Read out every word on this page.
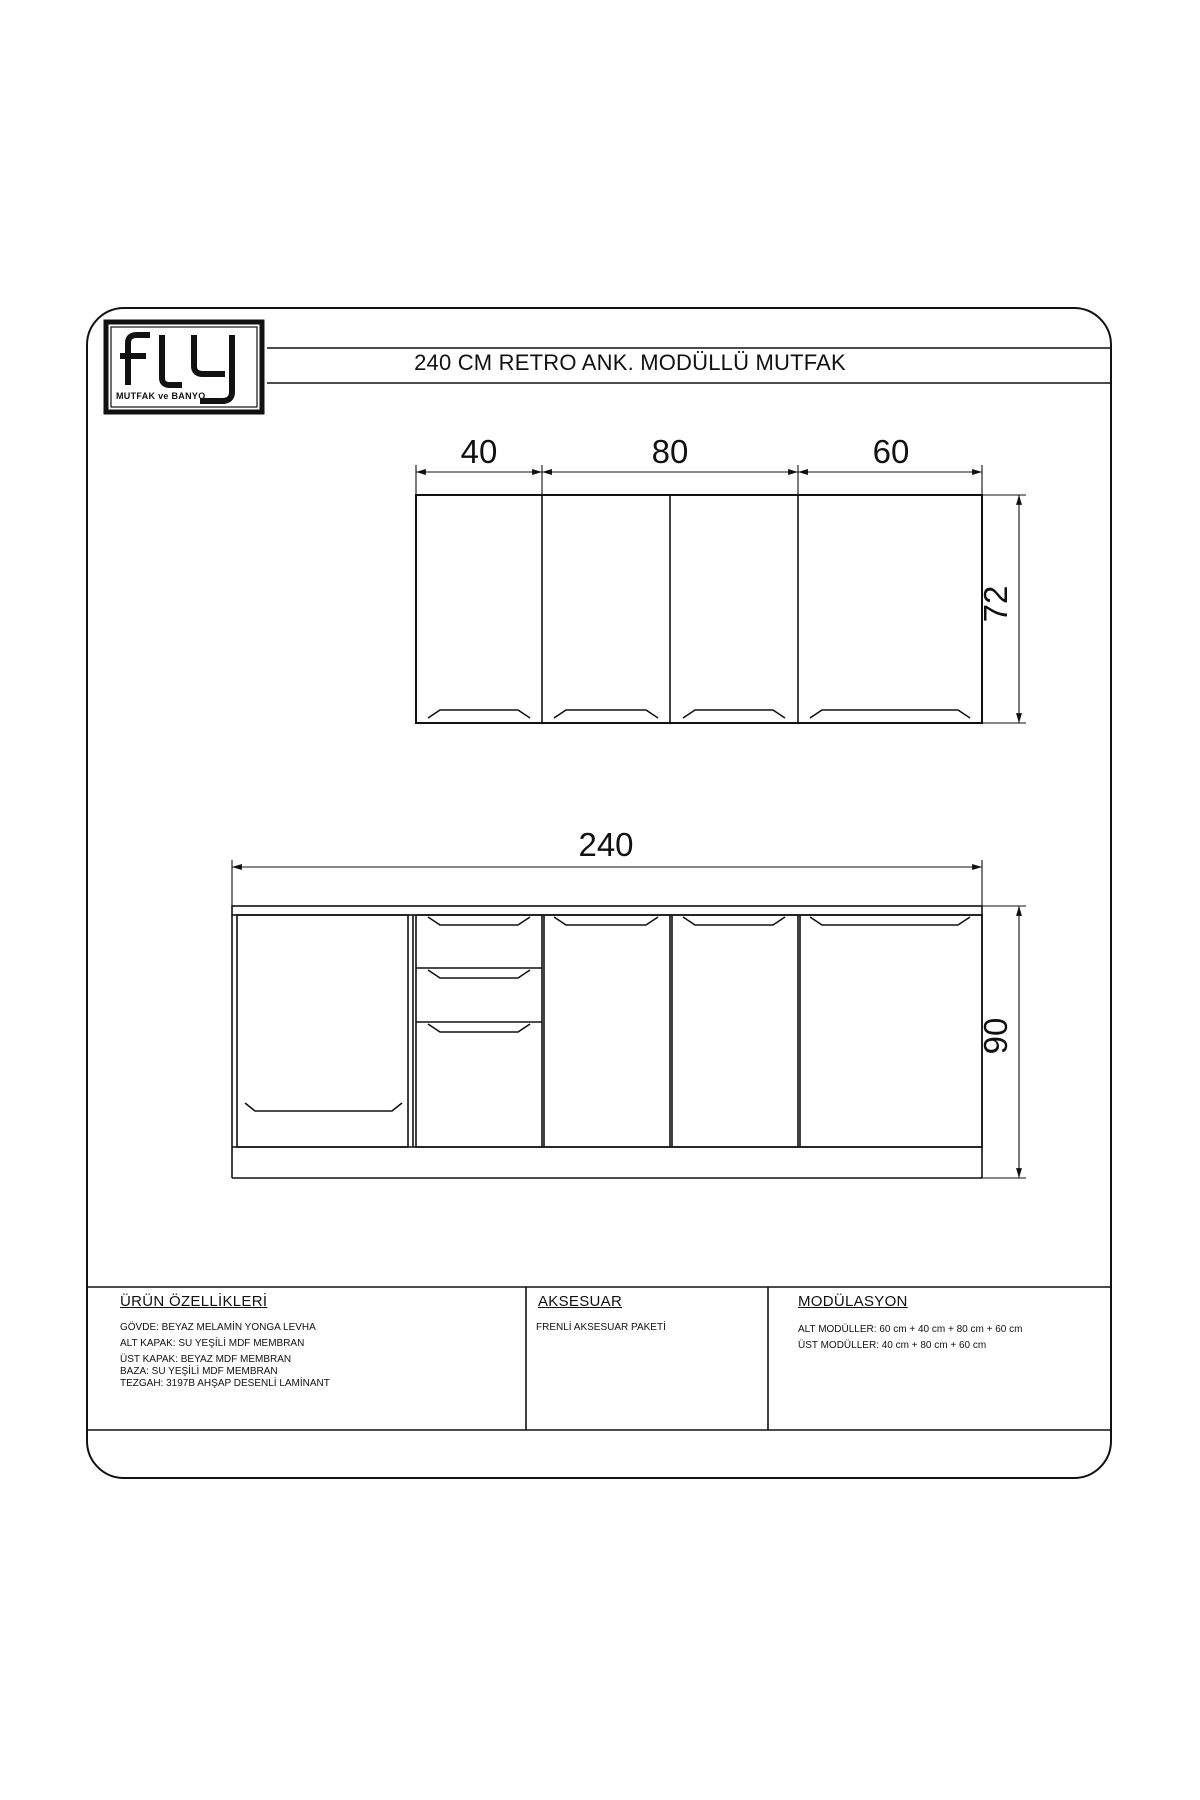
240 CM RETRO ANK. MODÜLLÜ MUTFAK
MUTFAK ve BANYO
40	80	60
72
240
90
ÜRÜN ÖZELLİKLERİ
GÖVDE: BEYAZ MELAMİN YONGA LEVHA
ALT KAPAK: SU YEŞİLİ MDF MEMBRAN
ÜST KAPAK: BEYAZ MDF MEMBRAN
BAZA: SU YEŞİLİ MDF MEMBRAN
TEZGAH: 3197B AHŞAP DESENLİ LAMİNANT
AKSESUAR
FRENLİ AKSESUAR PAKETİ
MODÜLASYON
ALT MODÜLLER: 60 cm + 40 cm + 80 cm + 60 cm
ÜST MODÜLLER: 40 cm + 80 cm + 60 cm
